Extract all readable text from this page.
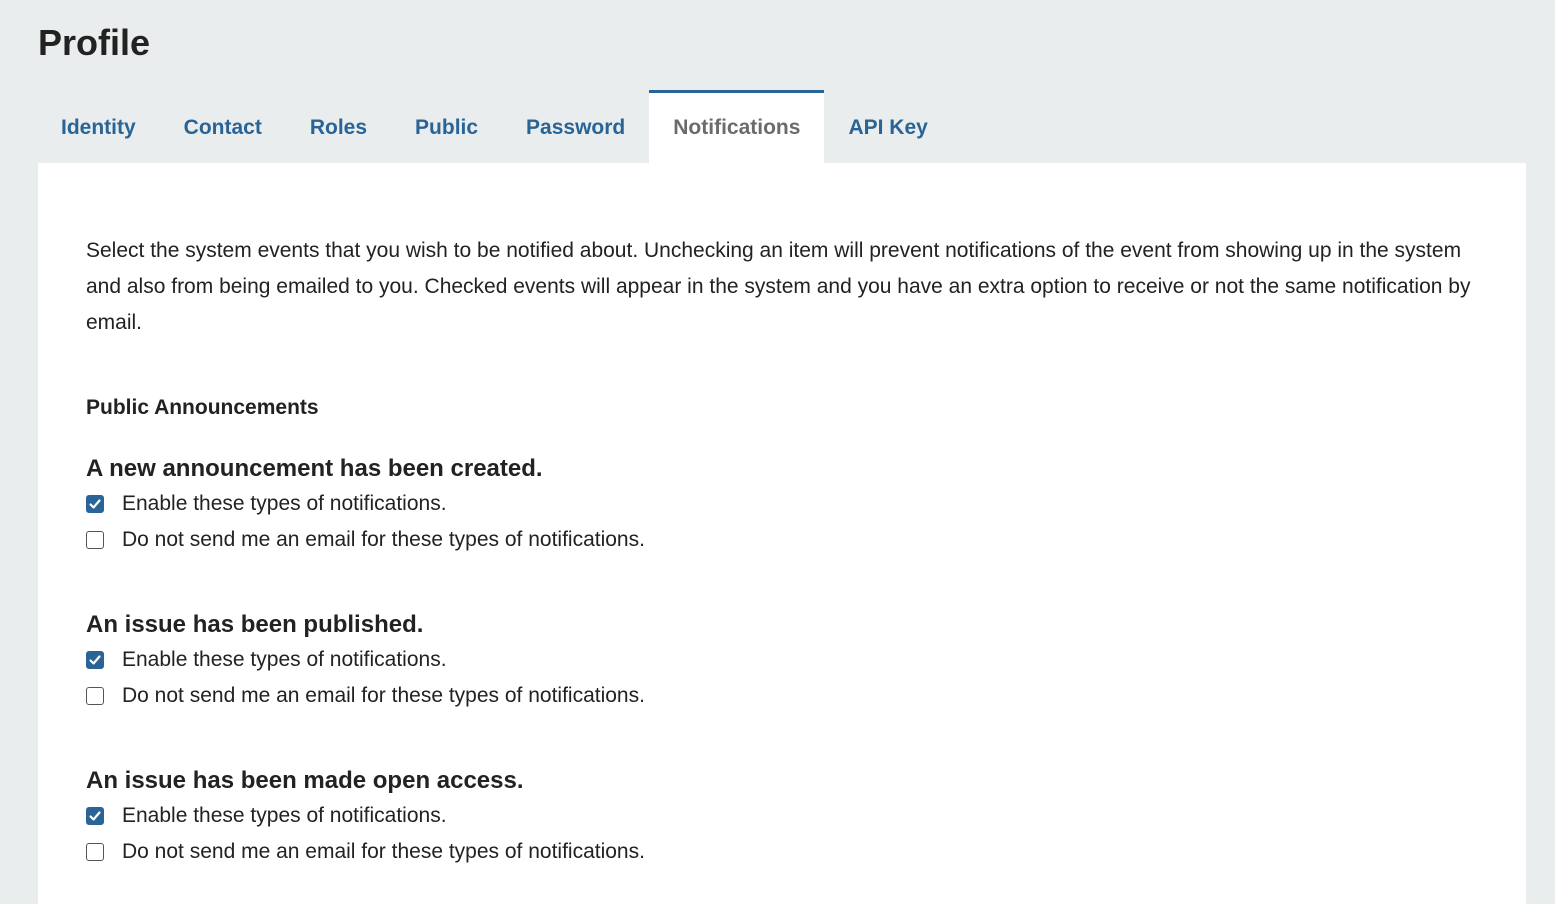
Profile
Identity	Contact	Roles	Public	Password	Notifications	API Key

Select the system events that you wish to be notified about. Unchecking an item will prevent notifications of the event from showing up in the system and also from being emailed to you. Checked events will appear in the system and you have an extra option to receive or not the same notification by email.

Public Announcements
A new announcement has been created.
Enable these types of notifications.
Do not send me an email for these types of notifications.
An issue has been published.
Enable these types of notifications.
Do not send me an email for these types of notifications.
An issue has been made open access.
Enable these types of notifications.
Do not send me an email for these types of notifications.
